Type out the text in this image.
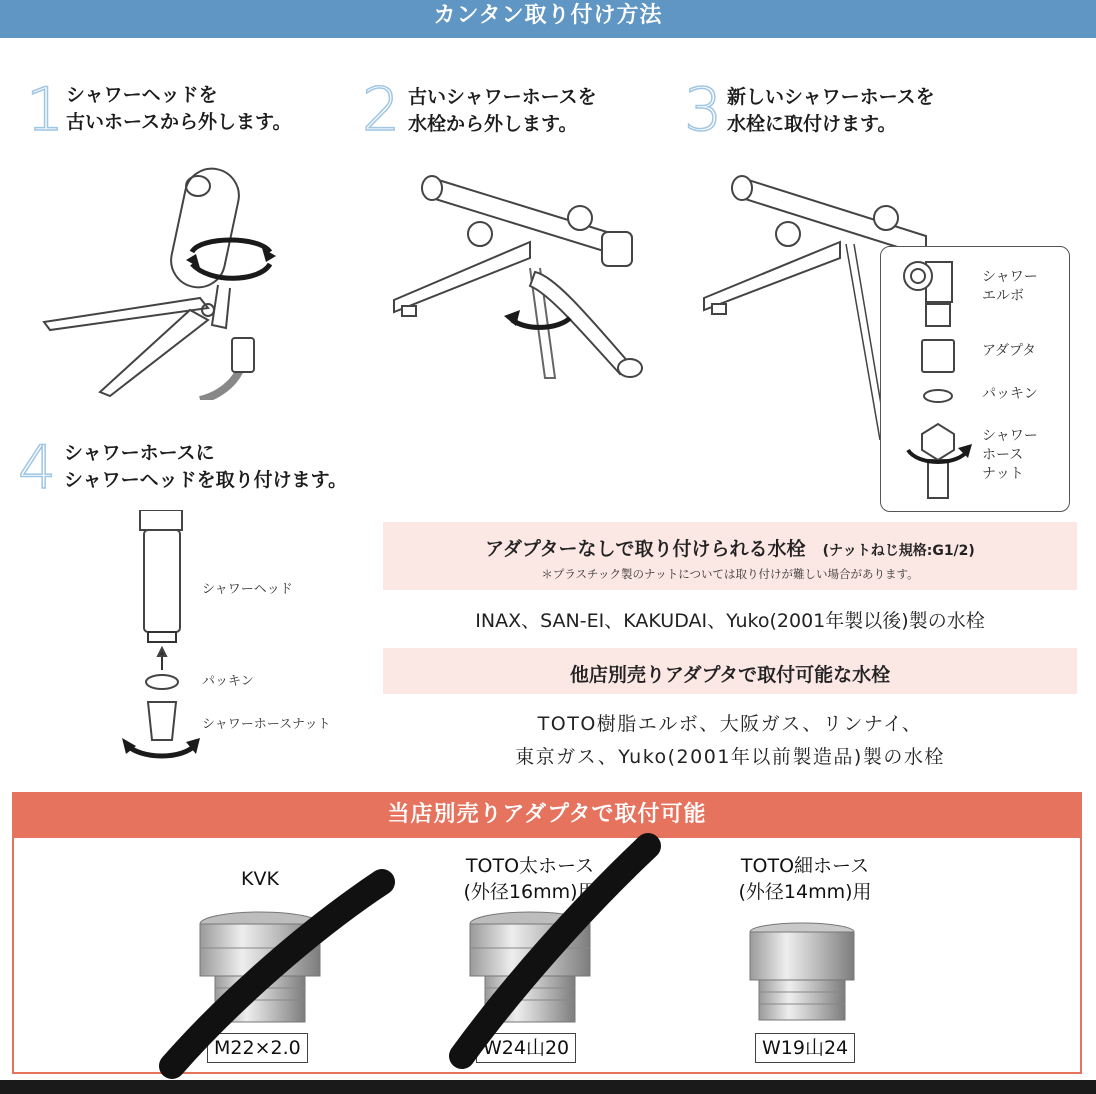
カンタン取り付け方法
1 シャワーヘッドを
古いホースから外します。 2 古いシャワーホースを
水栓から外します。	3 新しいシャワーホースを
水栓に取付けます。
4 シャワーホースに
シャワーヘッドを取り付けます。
シャワー
エルボ
アダプタ
パッキン
シャワー
ホース
ナット
シャワーヘッド
パッキン
シャワーホースナット
アダプターなしで取り付けられる水栓 (ナットねじ規格:G1/2)
＊プラスチック製のナットについては取り付けが難しい場合があります。
INAX、SAN-EI、KAKUDAI、Yuko(2001年製以後)製の水栓
他店別売りアダプタで取付可能な水栓
TOTO樹脂エルボ、大阪ガス、リンナイ、
東京ガス、Yuko(2001年以前製造品)製の水栓
当店別売りアダプタで取付可能
KVK
M22×2.0
TOTO太ホース
(外径16mm)用
W24山20
TOTO細ホース
(外径14mm)用
W19山24
